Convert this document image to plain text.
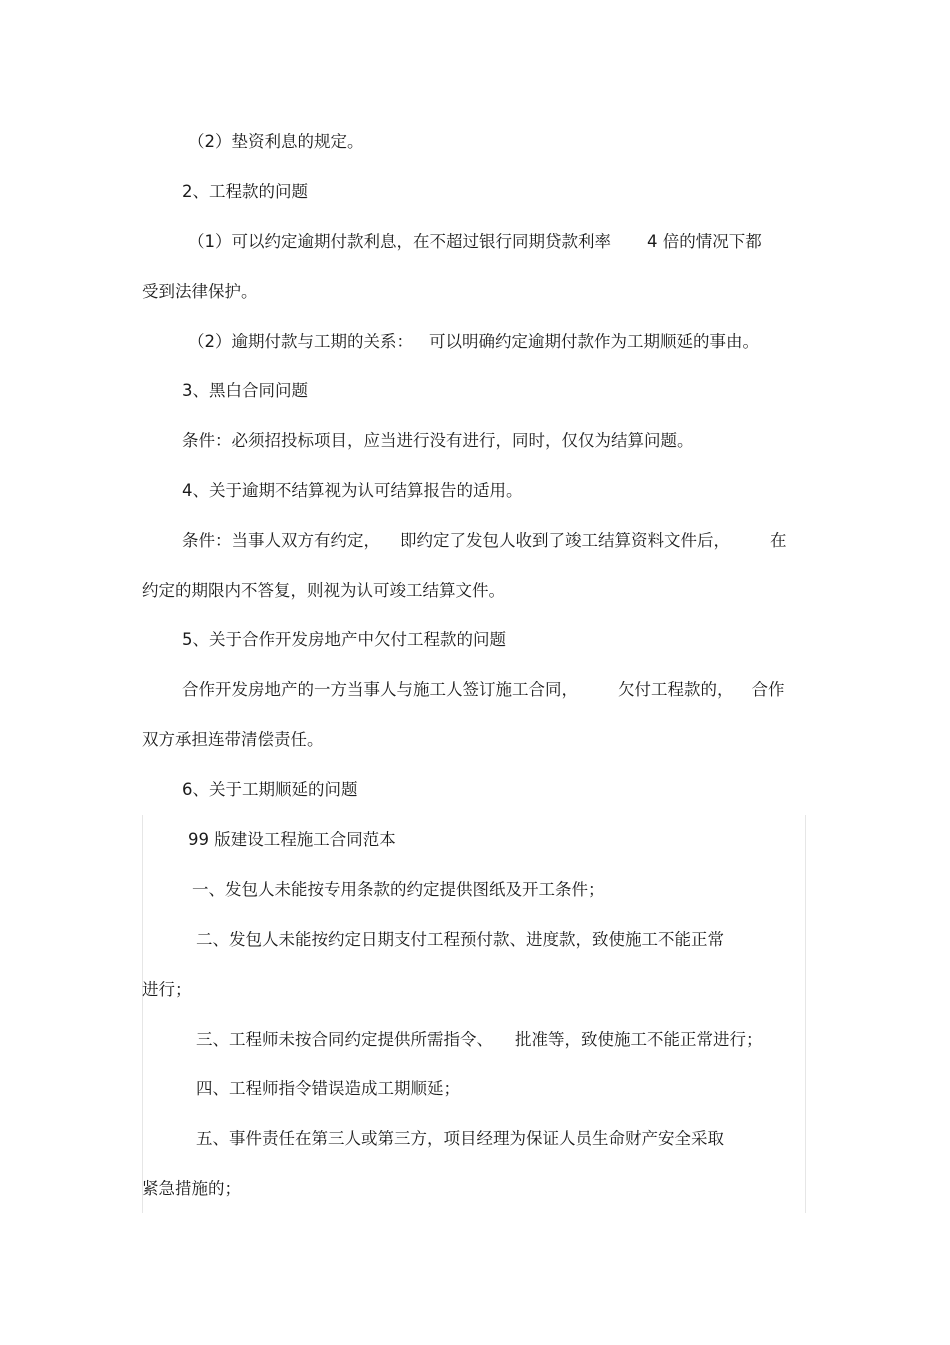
（2）垫资利息的规定。

2、工程款的问题

（1）可以约定逾期付款利息，在不超过银行同期贷款利率 4 倍的情况下都

受到法律保护。

（2）逾期付款与工期的关系： 可以明确约定逾期付款作为工期顺延的事由。

3、黑白合同问题

条件：必须招投标项目，应当进行没有进行，同时，仅仅为结算问题。

4、关于逾期不结算视为认可结算报告的适用。

条件：当事人双方有约定， 即约定了发包人收到了竣工结算资料文件后， 在

约定的期限内不答复，则视为认可竣工结算文件。

5、关于合作开发房地产中欠付工程款的问题

合作开发房地产的一方当事人与施工人签订施工合同， 欠付工程款的， 合作

双方承担连带清偿责任。

6、关于工期顺延的问题

99 版建设工程施工合同范本

一、发包人未能按专用条款的约定提供图纸及开工条件；

二、发包人未能按约定日期支付工程预付款、进度款，致使施工不能正常

进行；

三、工程师未按合同约定提供所需指令、 批准等，致使施工不能正常进行；

四、工程师指令错误造成工期顺延；

五、事件责任在第三人或第三方，项目经理为保证人员生命财产安全采取

紧急措施的；
